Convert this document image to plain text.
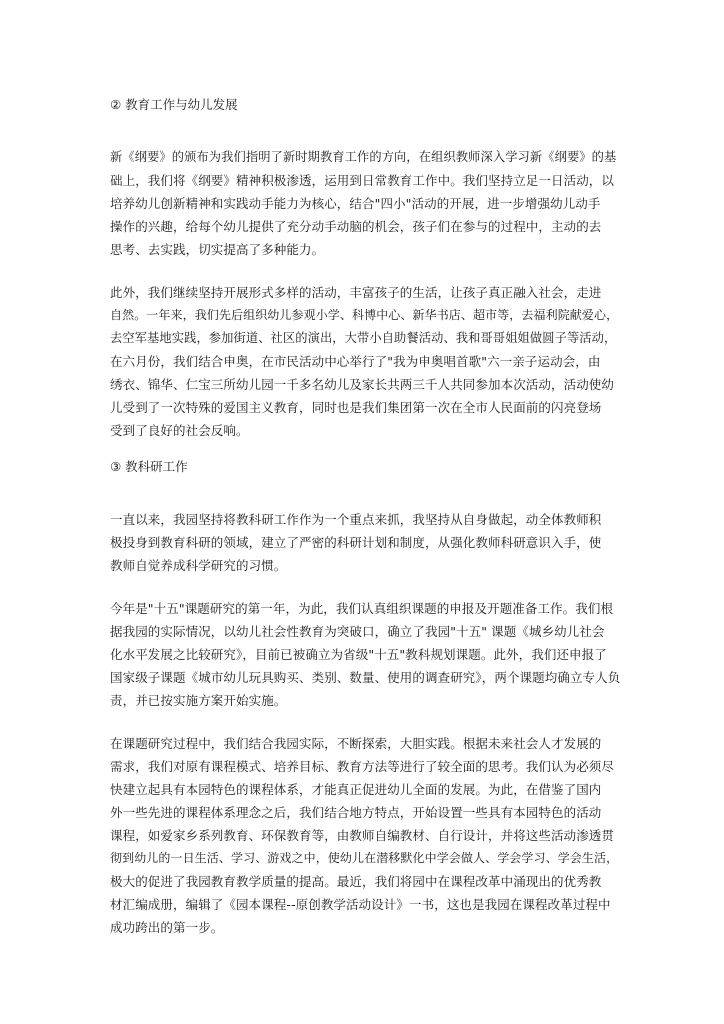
② 教育工作与幼儿发展
新《纲要》的颁布为我们指明了新时期教育工作的方向，在组织教师深入学习新《纲要》的基
础上，我们将《纲要》精神积极渗透，运用到日常教育工作中。我们坚持立足一日活动，以
培养幼儿创新精神和实践动手能力为核心，结合"四小"活动的开展，进一步增强幼儿动手
操作的兴趣，给每个幼儿提供了充分动手动脑的机会，孩子们在参与的过程中，主动的去
思考、去实践，切实提高了多种能力。
此外，我们继续坚持开展形式多样的活动，丰富孩子的生活，让孩子真正融入社会，走进
自然。一年来，我们先后组织幼儿参观小学、科博中心、新华书店、超市等，去福利院献爱心，
去空军基地实践，参加街道、社区的演出，大带小自助餐活动、我和哥哥姐姐做圆子等活动，
在六月份，我们结合申奥，在市民活动中心举行了"我为申奥唱首歌"六一亲子运动会，由
绣衣、锦华、仁宝三所幼儿园一千多名幼儿及家长共两三千人共同参加本次活动，活动使幼
儿受到了一次特殊的爱国主义教育，同时也是我们集团第一次在全市人民面前的闪亮登场
受到了良好的社会反响。
③ 教科研工作
一直以来，我园坚持将教科研工作作为一个重点来抓，我坚持从自身做起，动全体教师积
极投身到教育科研的领域，建立了严密的科研计划和制度，从强化教师科研意识入手，使
教师自觉养成科学研究的习惯。
今年是"十五"课题研究的第一年，为此，我们认真组织课题的申报及开题准备工作。我们根
据我园的实际情况，以幼儿社会性教育为突破口，确立了我园"十五" 课题《城乡幼儿社会
化水平发展之比较研究》，目前已被确立为省级"十五"教科规划课题。此外，我们还申报了
国家级子课题《城市幼儿玩具购买、类别、数量、使用的调查研究》，两个课题均确立专人负
责，并已按实施方案开始实施。
在课题研究过程中，我们结合我园实际，不断探索，大胆实践。根据未来社会人才发展的
需求，我们对原有课程模式、培养目标、教育方法等进行了较全面的思考。我们认为必须尽
快建立起具有本园特色的课程体系，才能真正促进幼儿全面的发展。为此，在借鉴了国内
外一些先进的课程体系理念之后，我们结合地方特点，开始设置一些具有本园特色的活动
课程，如爱家乡系列教育、环保教育等，由教师自编教材、自行设计，并将这些活动渗透贯
彻到幼儿的一日生活、学习、游戏之中，使幼儿在潜移默化中学会做人、学会学习、学会生活，
极大的促进了我园教育教学质量的提高。最近，我们将园中在课程改革中涌现出的优秀教
材汇编成册，编辑了《园本课程--原创教学活动设计》一书，这也是我园在课程改革过程中
成功跨出的第一步。
